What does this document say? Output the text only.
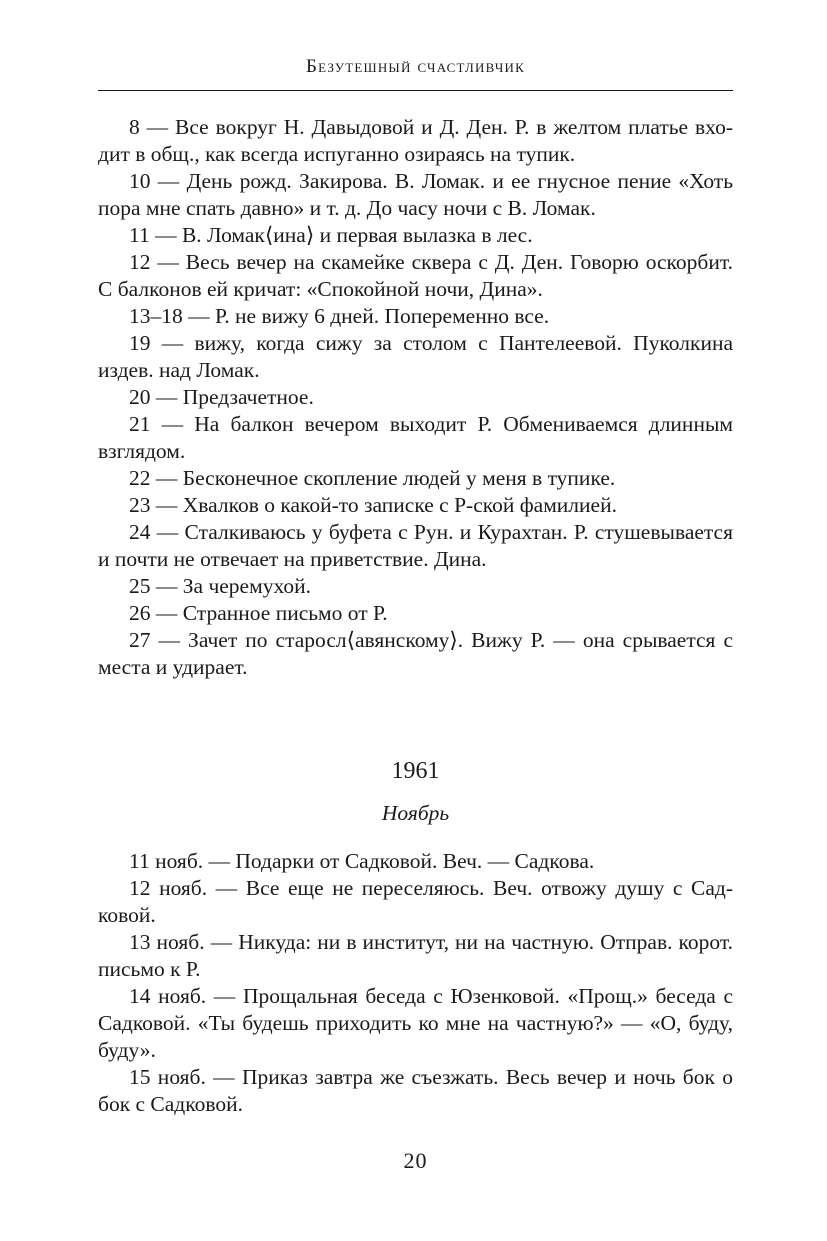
Безутешный счастливчик

8 — Все вокруг Н. Давыдовой и Д. Ден. Р. в желтом платье входит в общ., как всегда испуганно озираясь на тупик.

10 — День рожд. Закирова. В. Ломак. и ее гнусное пение «Хоть пора мне спать давно» и т. д. До часу ночи с В. Ломак.

11 — В. Ломак⟨ина⟩ и первая вылазка в лес.

12 — Весь вечер на скамейке сквера с Д. Ден. Говорю оскорбит. С балконов ей кричат: «Спокойной ночи, Дина».

13–18 — Р. не вижу 6 дней. Попеременно все.

19 — вижу, когда сижу за столом с Пантелеевой. Пуколкина издев. над Ломак.

20 — Предзачетное.

21 — На балкон вечером выходит Р. Обмениваемся длинным взглядом.

22 — Бесконечное скопление людей у меня в тупике.

23 — Хвалков о какой-то записке с Р-ской фамилией.

24 — Сталкиваюсь у буфета с Рун. и Курахтан. Р. стушевывается и почти не отвечает на приветствие. Дина.

25 — За черемухой.

26 — Странное письмо от Р.

27 — Зачет по старосл⟨авянскому⟩. Вижу Р. — она срывается с места и удирает.

1961
Ноябрь

11 нояб. — Подарки от Садковой. Веч. — Садкова.

12 нояб. — Все еще не переселяюсь. Веч. отвожу душу с Садковой.

13 нояб. — Никуда: ни в институт, ни на частную. Отправ. корот. письмо к Р.

14 нояб. — Прощальная беседа с Юзенковой. «Прощ.» беседа с Садковой. «Ты будешь приходить ко мне на частную?» — «О, буду, буду».

15 нояб. — Приказ завтра же съезжать. Весь вечер и ночь бок о бок с Садковой.

20
